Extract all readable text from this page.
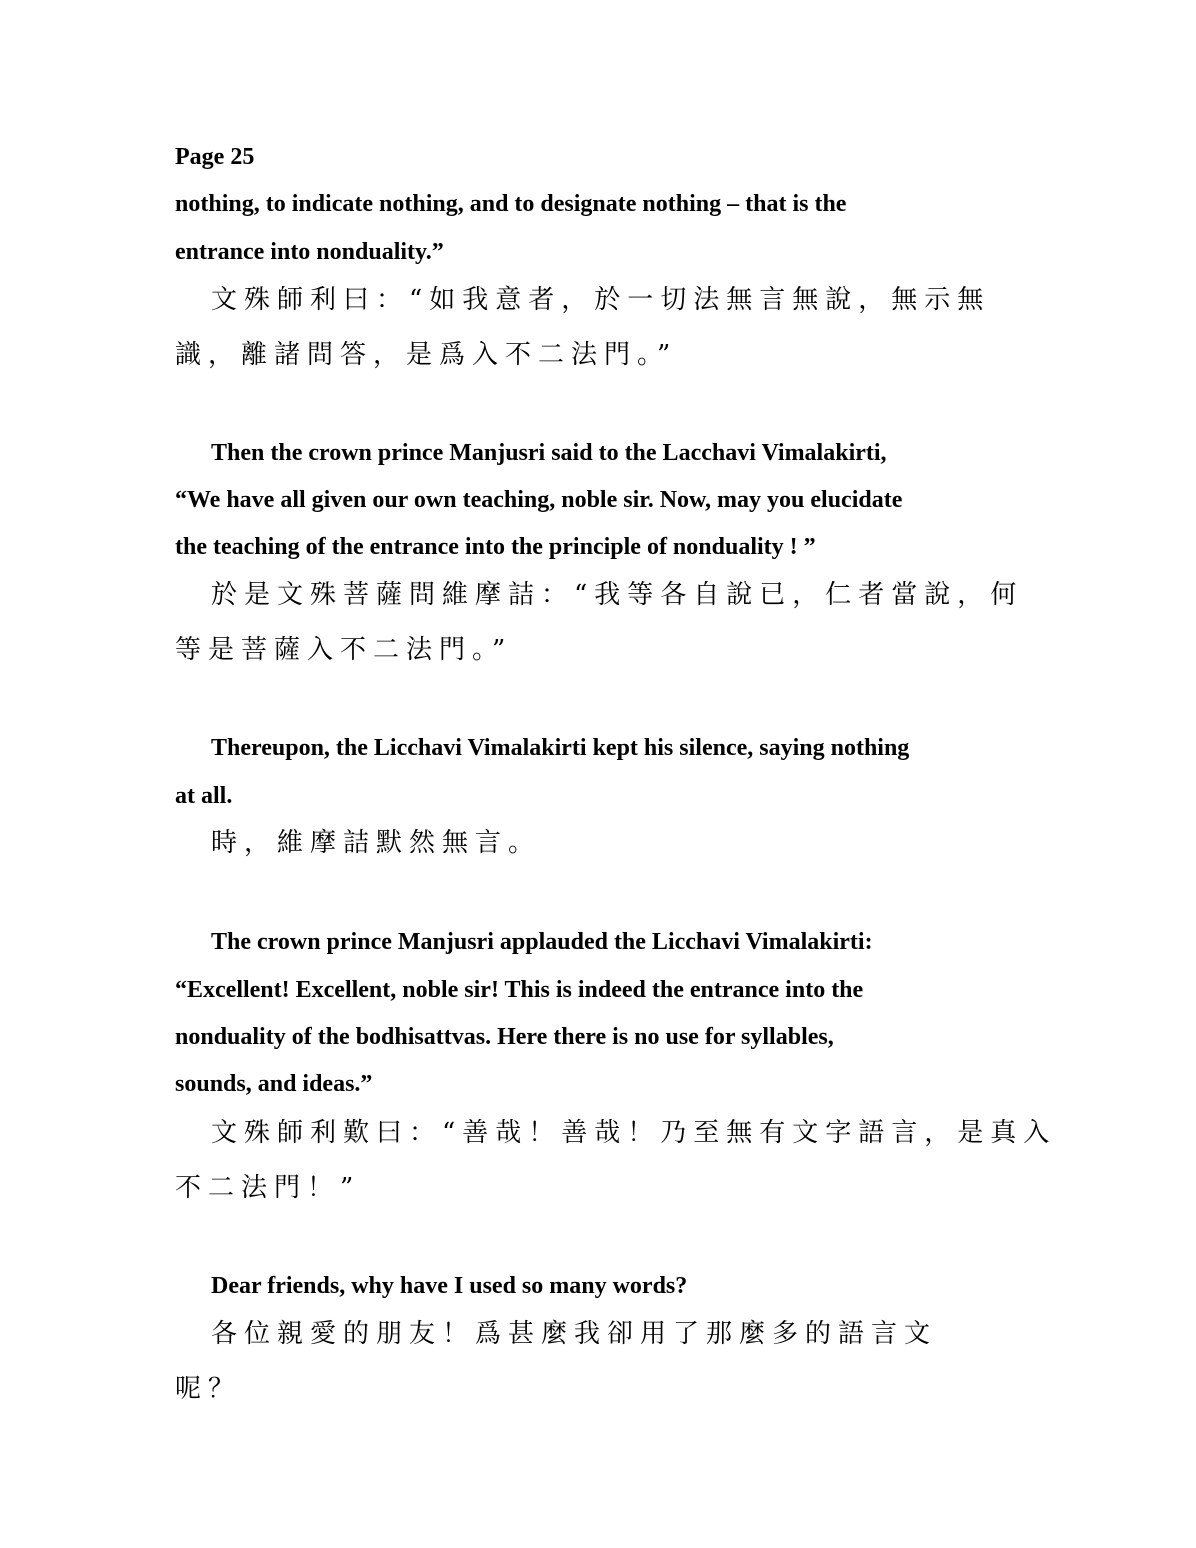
Page 25
nothing, to indicate nothing, and to designate nothing – that is the
entrance into nonduality.”
文殊師利曰：“如我意者，於一切法無言無說，無示無
識，離諸問答，是爲入不二法門。”
Then the crown prince Manjusri said to the Lacchavi Vimalakirti,
“We have all given our own teaching, noble sir. Now, may you elucidate
the teaching of the entrance into the principle of nonduality ! ”
於是文殊菩薩問維摩詰：“我等各自說已，仁者當說，何
等是菩薩入不二法門。”
Thereupon, the Licchavi Vimalakirti kept his silence, saying nothing
at all.
時，維摩詰默然無言。
The crown prince Manjusri applauded the Licchavi Vimalakirti:
“Excellent! Excellent, noble sir! This is indeed the entrance into the
nonduality of the bodhisattvas. Here there is no use for syllables,
sounds, and ideas.”
文殊師利歎曰：“善哉！善哉！乃至無有文字語言，是真入
不二法門！”
Dear friends, why have I used so many words?
各位親愛的朋友！爲甚麼我卻用了那麼多的語言文
呢？
